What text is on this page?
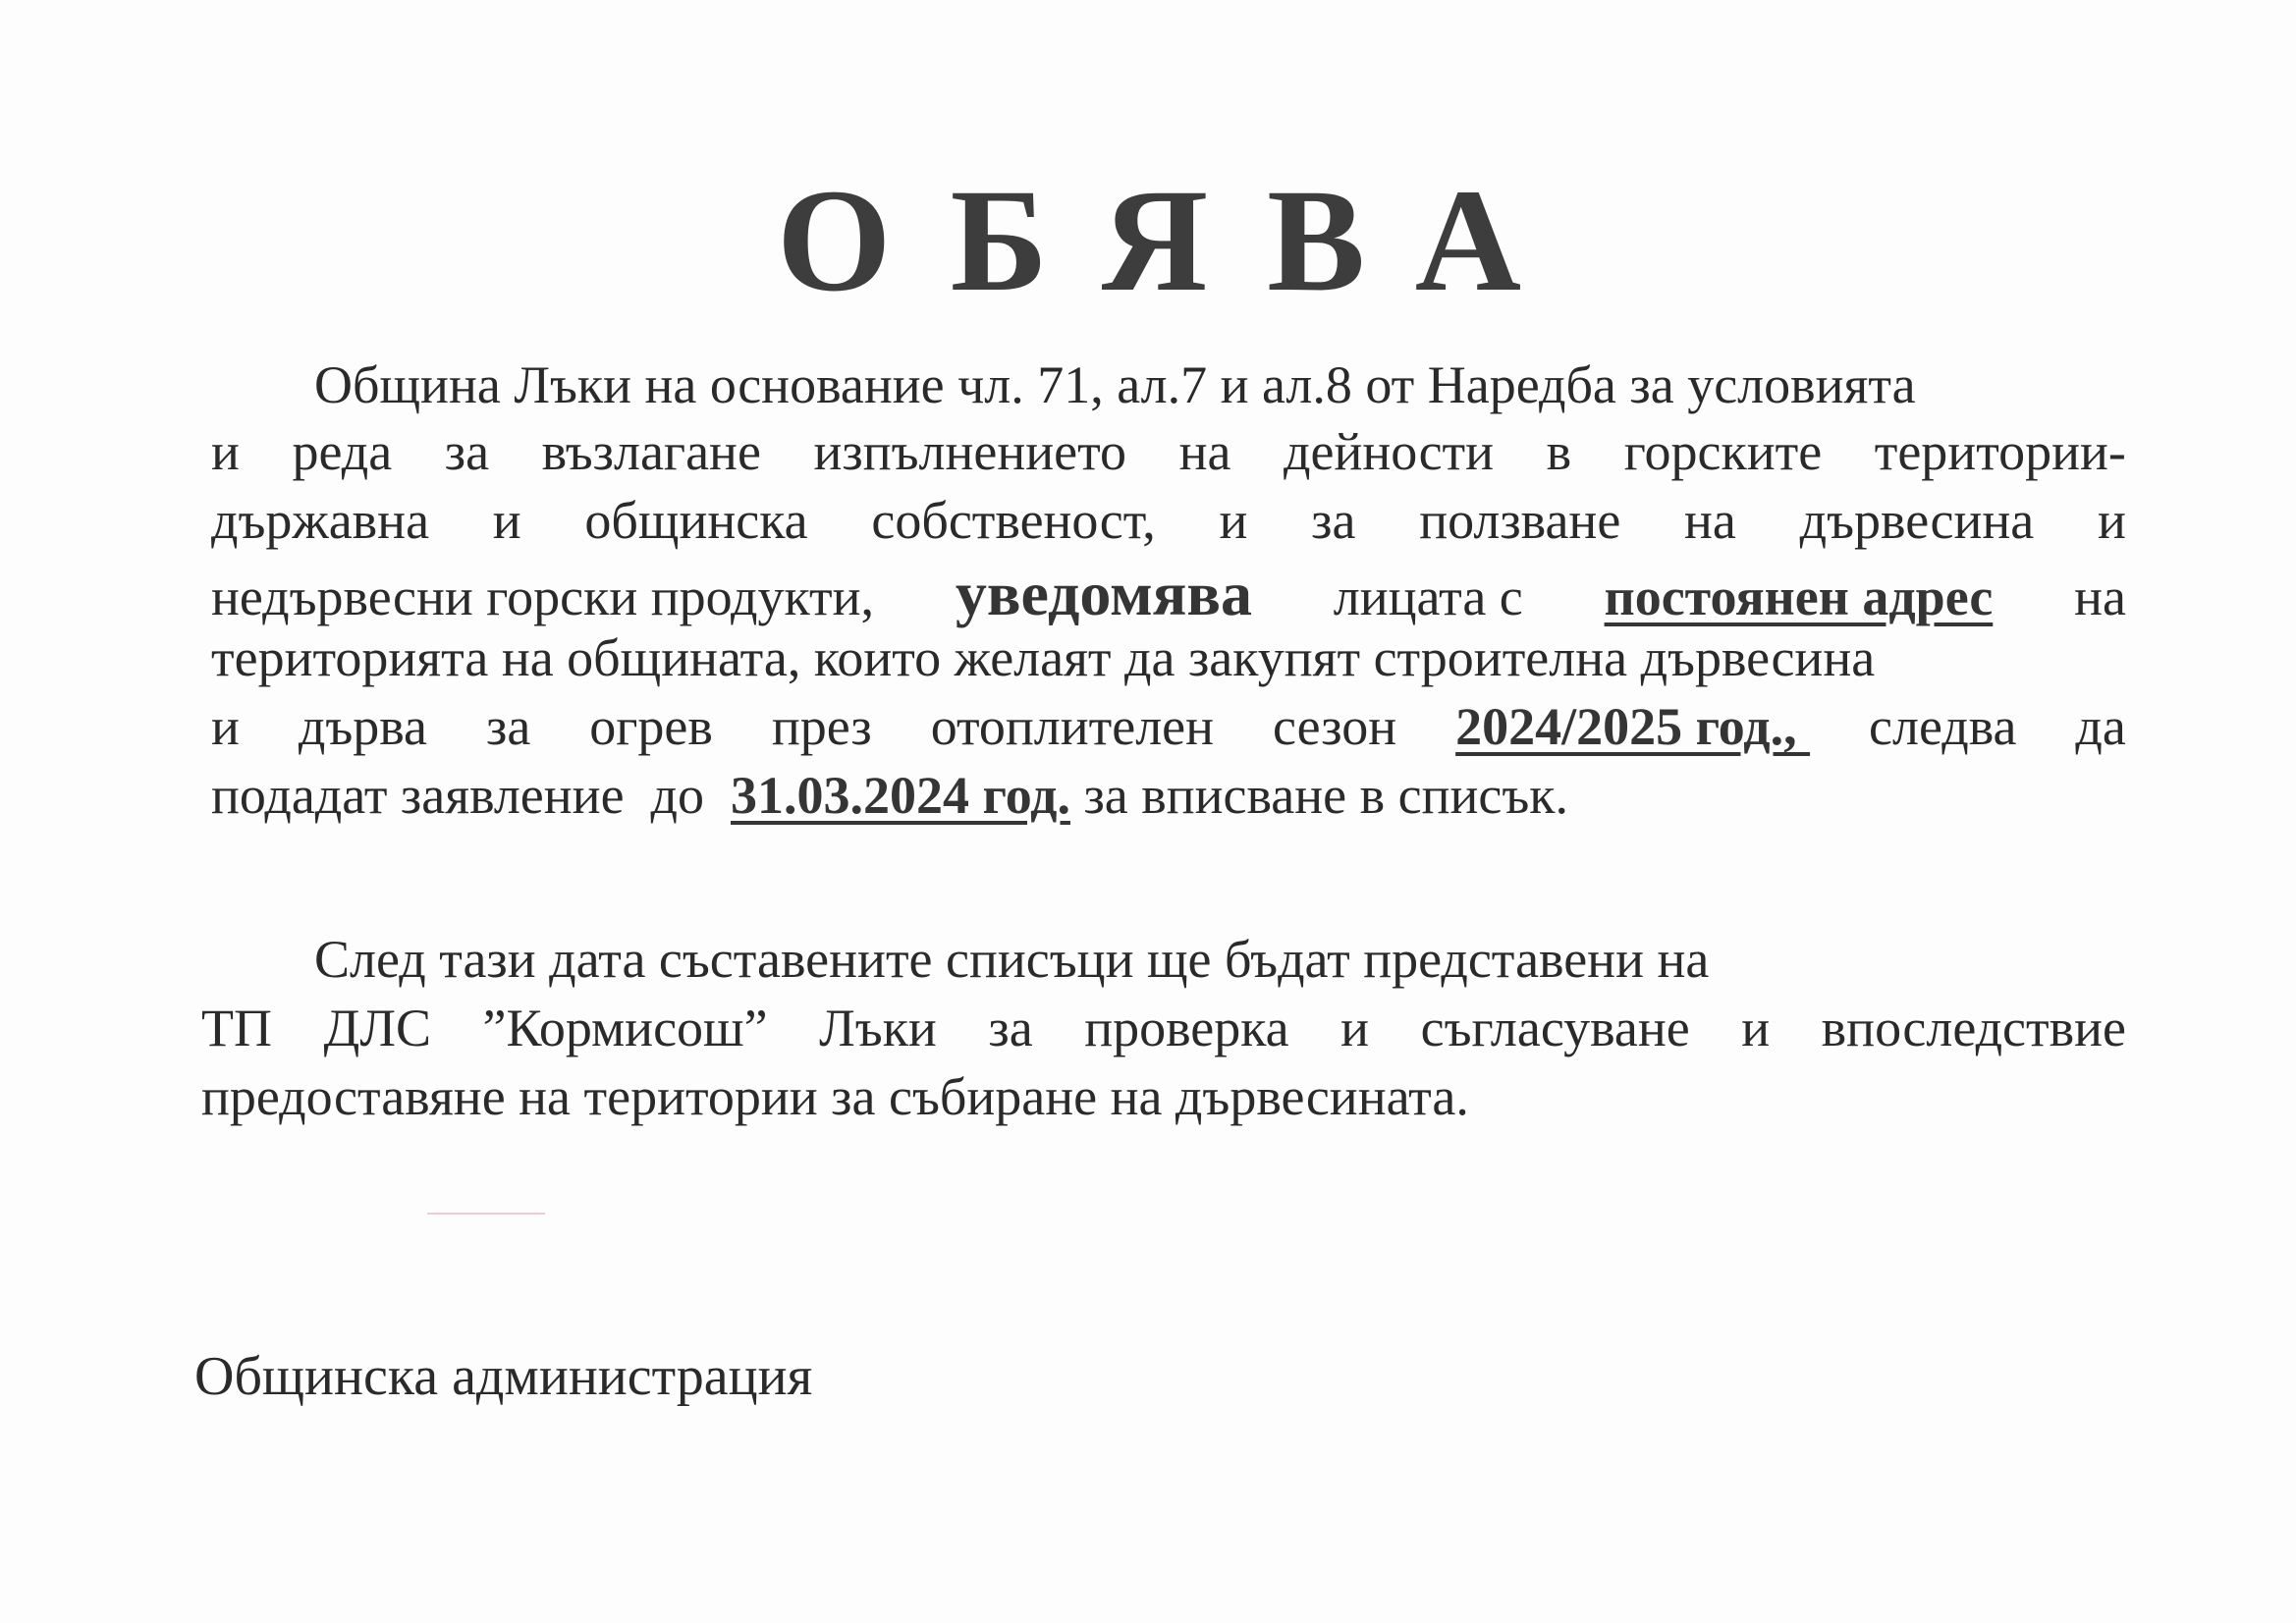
ОБЯВА
Община Лъки на основание чл. 71, ал.7 и ал.8 от Наредба за условията
и реда за възлагане изпълнението на дейности в горските територии-
държавна и общинска собственост, и за ползване на дървесина и
недървесни горски продукти, уведомява лицата с постоянен адрес на
територията на общината, които желаят да закупят строителна дървесина
и дърва за огрев през отоплителен сезон 2024/2025 год., следва да
подадат заявление  до 31.03.2024 год. за вписване в списък.
След тази дата съставените списъци ще бъдат представени на
ТП ДЛС ”Кормисош” Лъки за проверка и съгласуване и впоследствие
предоставяне на територии за събиране на дървесината.
Общинска администрация
